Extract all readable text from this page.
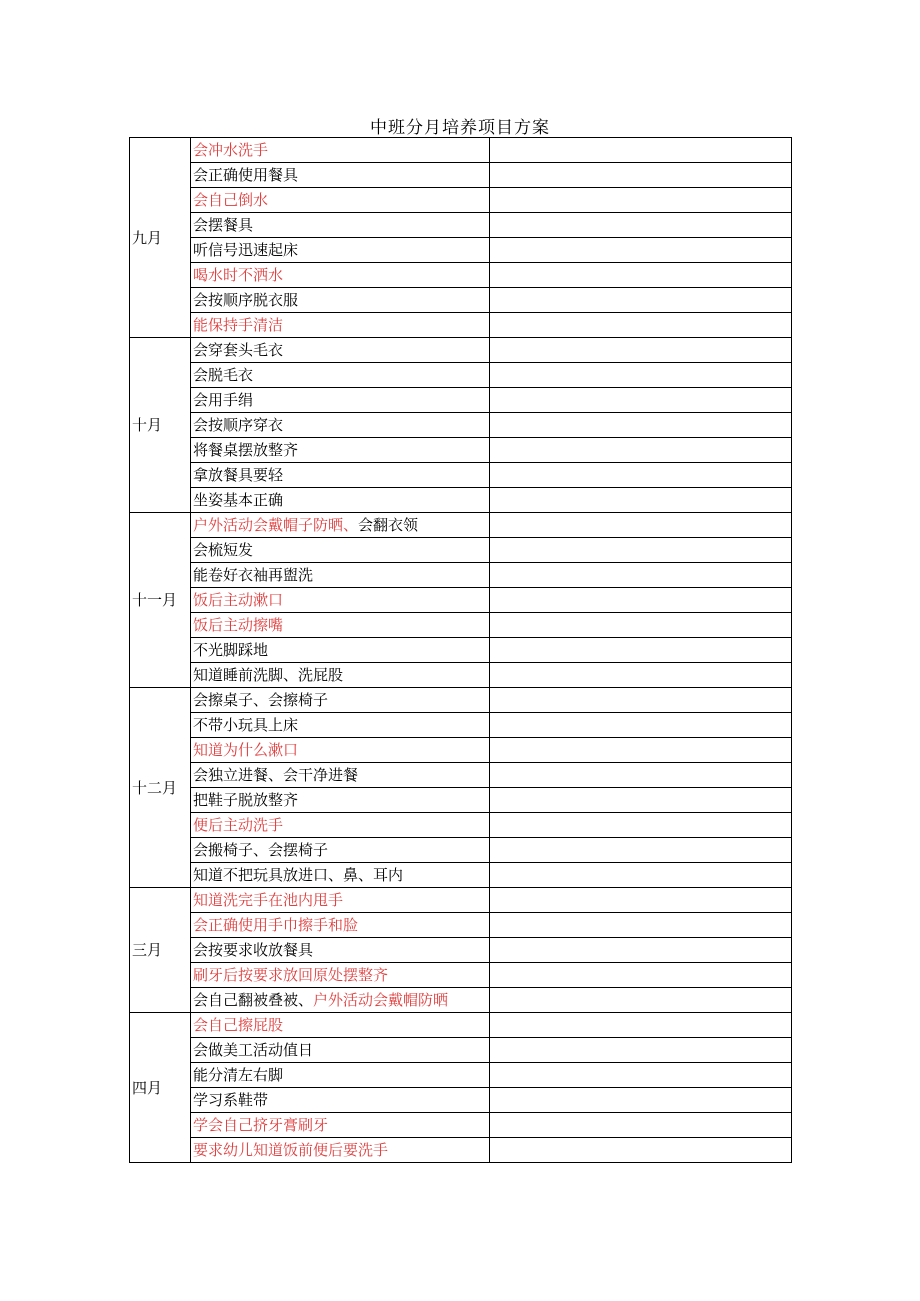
中班分月培养项目方案
九月	会冲水洗手	
	会正确使用餐具	
	会自己倒水	
	会摆餐具	
	听信号迅速起床	
	喝水时不洒水	
	会按顺序脱衣服	
	能保持手清洁	
十月	会穿套头毛衣	
	会脱毛衣	
	会用手绢	
	会按顺序穿衣	
	将餐桌摆放整齐	
	拿放餐具要轻	
	坐姿基本正确	
十一月	户外活动会戴帽子防晒、会翻衣领	
	会梳短发	
	能卷好衣袖再盥洗	
	饭后主动漱口	
	饭后主动擦嘴	
	不光脚踩地	
	知道睡前洗脚、洗屁股	
十二月	会擦桌子、会擦椅子	
	不带小玩具上床	
	知道为什么漱口	
	会独立进餐、会干净进餐	
	把鞋子脱放整齐	
	便后主动洗手	
	会搬椅子、会摆椅子	
	知道不把玩具放进口、鼻、耳内	
三月	知道洗完手在池内甩手	
	会正确使用手巾擦手和脸	
	会按要求收放餐具	
	刷牙后按要求放回原处摆整齐	
	会自己翻被叠被、户外活动会戴帽防晒	
四月	会自己擦屁股	
	会做美工活动值日	
	能分清左右脚	
	学习系鞋带	
	学会自己挤牙膏刷牙	
	要求幼儿知道饭前便后要洗手	
